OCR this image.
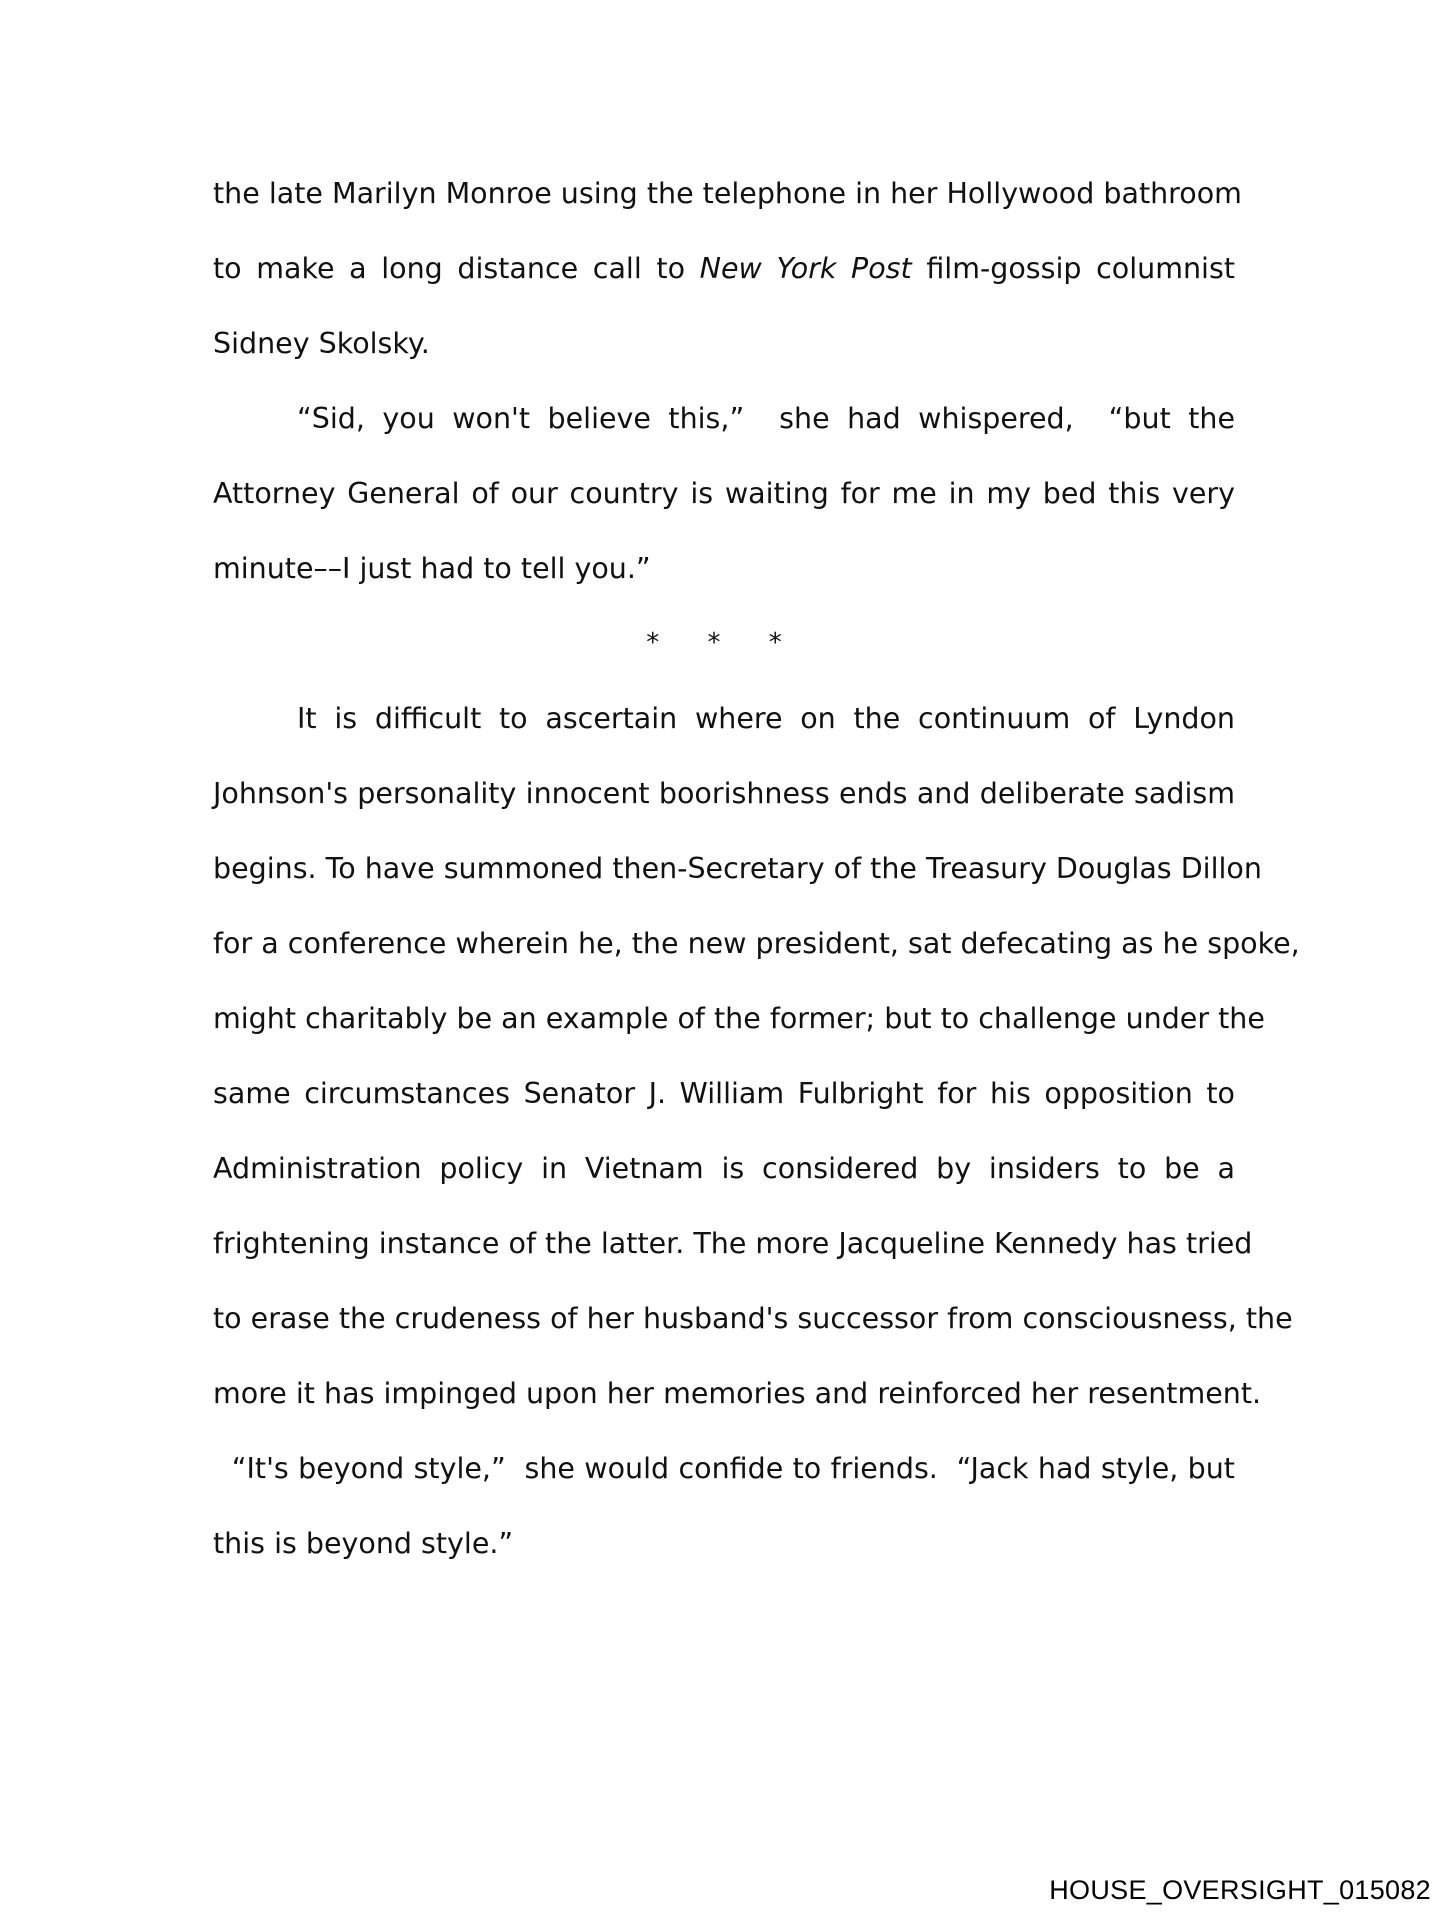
the late Marilyn Monroe using the telephone in her Hollywood bathroom
to make a long distance call to New York Post film-gossip columnist
Sidney Skolsky.
“Sid, you won't believe this,”  she had whispered,  “but the
Attorney General of our country is waiting for me in my bed this very
minute––I just had to tell you.”
* * *
It is difficult to ascertain where on the continuum of Lyndon
Johnson's personality innocent boorishness ends and deliberate sadism
begins. To have summoned then-Secretary of the Treasury Douglas Dillon
for a conference wherein he, the new president, sat defecating as he spoke,
might charitably be an example of the former; but to challenge under the
same circumstances Senator J. William Fulbright for his opposition to
Administration policy in Vietnam is considered by insiders to be a
frightening instance of the latter. The more Jacqueline Kennedy has tried
to erase the crudeness of her husband's successor from consciousness, the
more it has impinged upon her memories and reinforced her resentment.
“It's beyond style,”  she would confide to friends.  “Jack had style, but
this is beyond style.”
HOUSE_OVERSIGHT_015082
